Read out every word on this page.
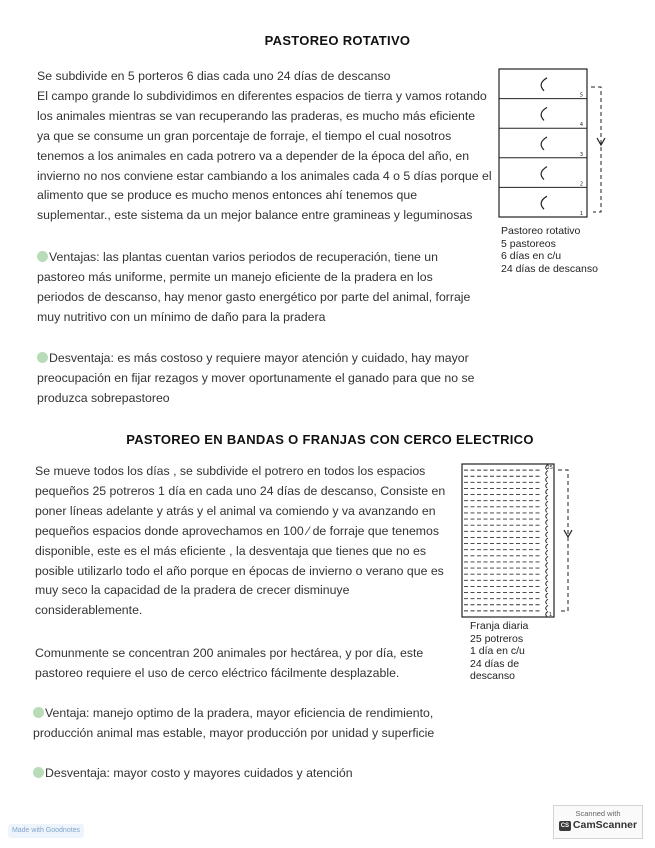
PASTOREO ROTATIVO
Se subdivide en 5 porteros 6 dias cada uno 24 días de descanso
El campo grande lo subdividimos en diferentes espacios de tierra y vamos rotando
los animales mientras se van recuperando las praderas, es mucho más eficiente
ya que se consume un gran porcentaje de forraje, el tiempo el cual nosotros
tenemos a los animales en cada potrero va a depender de la época del año, en
invierno no nos conviene estar cambiando a los animales cada 4 o 5 días porque el
alimento que se produce es mucho menos entonces ahí tenemos que
suplementar., este sistema da un mejor balance entre gramineas y leguminosas
Ventajas: las plantas cuentan varios periodos de recuperación, tiene un
pastoreo más uniforme, permite un manejo eficiente de la pradera en los
periodos de descanso, hay menor gasto energético por parte del animal, forraje
muy nutritivo con un mínimo de daño para la pradera
Desventaja: es más costoso y requiere mayor atención y cuidado, hay mayor
preocupación en fijar rezagos y mover oportunamente el ganado para que no se
produzca sobrepastoreo
5
4
3
2
1
Pastoreo rotativo
5 pastoreos
6 días en c/u
24 días de descanso
PASTOREO EN BANDAS O FRANJAS CON CERCO ELECTRICO
Se mueve todos los días , se subdivide el potrero en todos los espacios
pequeños 25 potreros 1 día en cada uno 24 días de descanso, Consiste en
poner líneas adelante y atrás y el animal va comiendo y va avanzando en
pequeños espacios donde aprovechamos en 100 ⁄ de forraje que tenemos
disponible, este es el más eficiente , la desventaja que tienes que no es
posible utilizarlo todo el año porque en épocas de invierno o verano que es
muy seco la capacidad de la pradera de crecer disminuye
considerablemente.
Comunmente se concentran 200 animales por hectárea, y por día, este
pastoreo requiere el uso de cerco eléctrico fácilmente desplazable.
Ventaja: manejo optimo de la pradera, mayor eficiencia de rendimiento,
producción animal mas estable, mayor producción por unidad y superficie
Desventaja: mayor costo y mayores cuidados y atención
25
1
Franja diaria
25 potreros
1 día en c/u
24 días de
descanso
Made with Goodnotes
Scanned with
CS CamScanner
